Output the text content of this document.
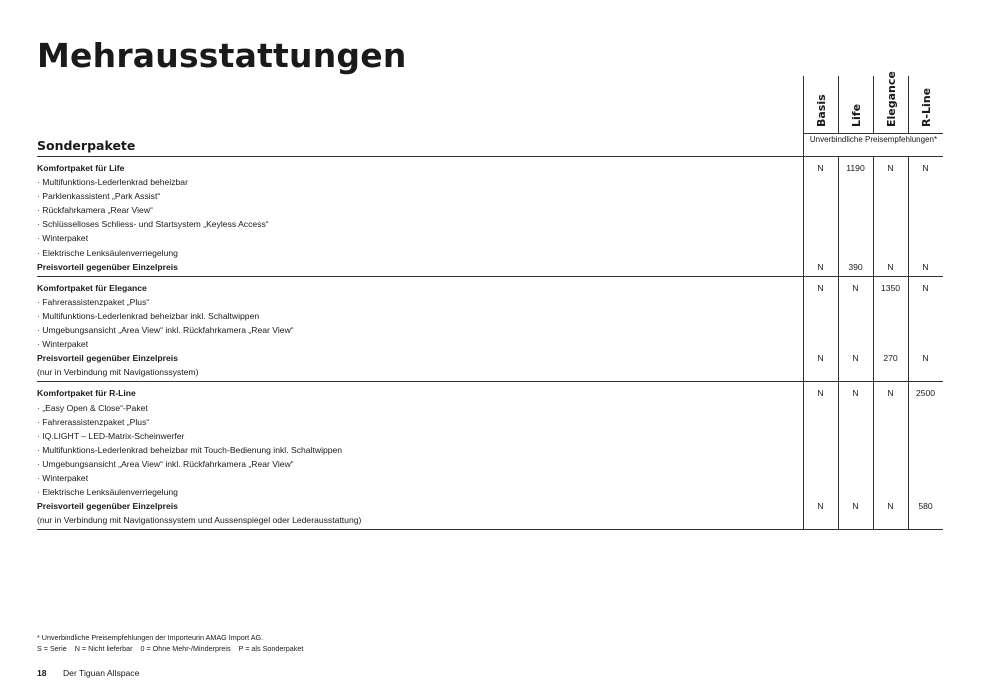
Mehrausstattungen
Sonderpakete
Basis Life Elegance R-Line
Unverbindliche Preisempfehlungen*
Komfortpaket für Life	N	1190	N	N
· Multifunktions-Lederlenkrad beheizbar
· Parklenkassistent „Park Assist“
· Rückfahrkamera „Rear View“
· Schlüsselloses Schliess- und Startsystem „Keyless Access“
· Winterpaket
· Elektrische Lenksäulenverriegelung
Preisvorteil gegenüber Einzelpreis	N	390	N	N
Komfortpaket für Elegance	N	N	1350	N
· Fahrerassistenzpaket „Plus“
· Multifunktions-Lederlenkrad beheizbar inkl. Schaltwippen
· Umgebungsansicht „Area View“ inkl. Rückfahrkamera „Rear View“
· Winterpaket
Preisvorteil gegenüber Einzelpreis	N	N	270	N
(nur in Verbindung mit Navigationssystem)
Komfortpaket für R-Line	N	N	N	2500
· „Easy Open & Close“-Paket
· Fahrerassistenzpaket „Plus“
· IQ.LIGHT – LED-Matrix-Scheinwerfer
· Multifunktions-Lederlenkrad beheizbar mit Touch-Bedienung inkl. Schaltwippen
· Umgebungsansicht „Area View“ inkl. Rückfahrkamera „Rear View“
· Winterpaket
· Elektrische Lenksäulenverriegelung
Preisvorteil gegenüber Einzelpreis	N	N	N	580
(nur in Verbindung mit Navigationssystem und Aussenspiegel oder Lederausstattung)
* Unverbindliche Preisempfehlungen der Importeurin AMAG Import AG.
S = Serie    N = Nicht lieferbar    0 = Ohne Mehr-/Minderpreis    P = als Sonderpaket
18 Der Tiguan Allspace
